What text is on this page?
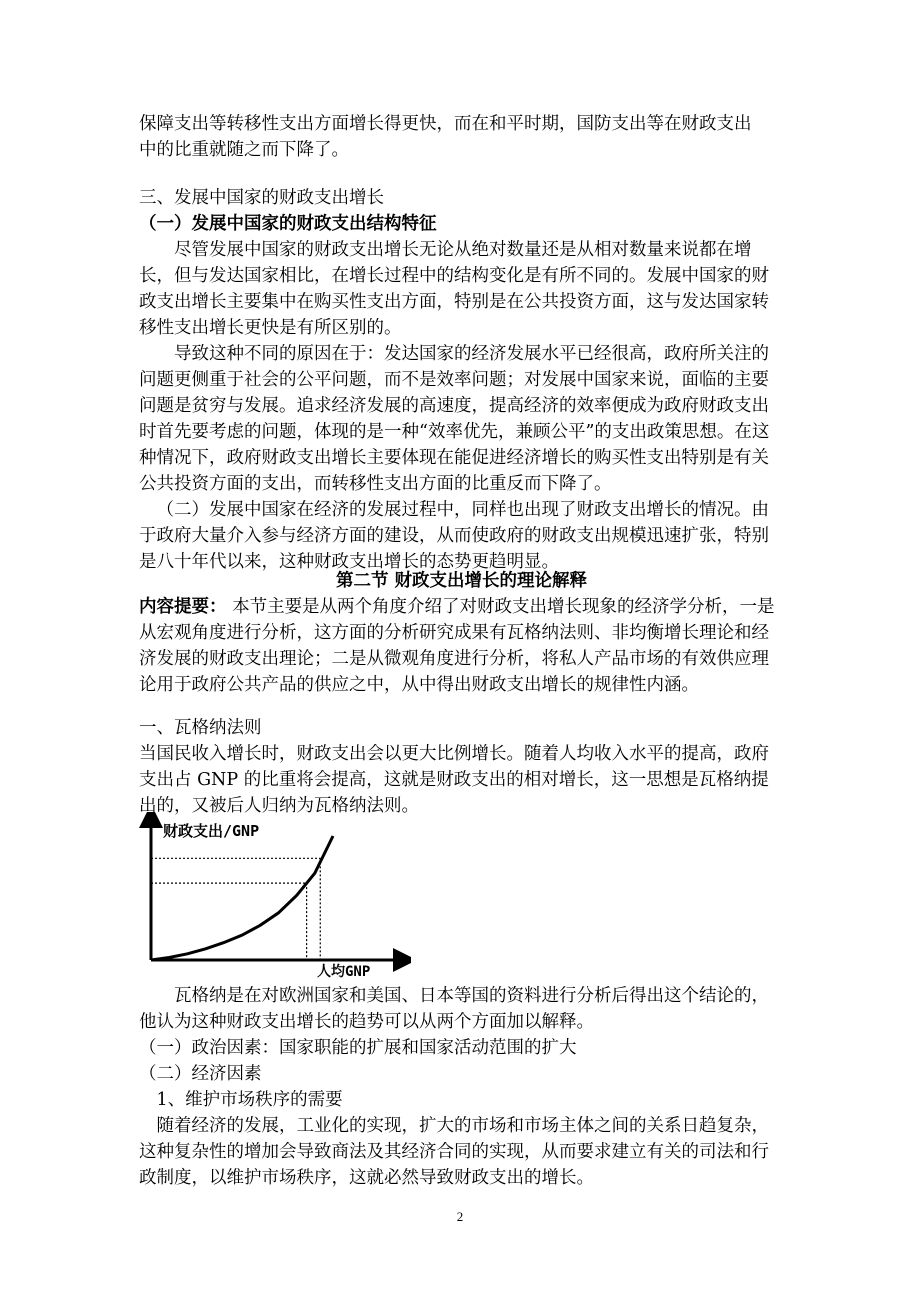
保障支出等转移性支出方面增长得更快，而在和平时期，国防支出等在财政支出

中的比重就随之而下降了。

三、发展中国家的财政支出增长

（一）发展中国家的财政支出结构特征

尽管发展中国家的财政支出增长无论从绝对数量还是从相对数量来说都在增长，但与发达国家相比，在增长过程中的结构变化是有所不同的。发展中国家的财政支出增长主要集中在购买性支出方面，特别是在公共投资方面，这与发达国家转移性支出增长更快是有所区别的。

导致这种不同的原因在于：发达国家的经济发展水平已经很高，政府所关注的问题更侧重于社会的公平问题，而不是效率问题；对发展中国家来说，面临的主要问题是贫穷与发展。追求经济发展的高速度，提高经济的效率便成为政府财政支出时首先要考虑的问题，体现的是一种“效率优先，兼顾公平”的支出政策思想。在这种情况下，政府财政支出增长主要体现在能促进经济增长的购买性支出特别是有关公共投资方面的支出，而转移性支出方面的比重反而下降了。

（二）发展中国家在经济的发展过程中，同样也出现了财政支出增长的情况。由于政府大量介入参与经济方面的建设，从而使政府的财政支出规模迅速扩张，特别是八十年代以来，这种财政支出增长的态势更趋明显。

第二节 财政支出增长的理论解释

内容提要： 本节主要是从两个角度介绍了对财政支出增长现象的经济学分析，一是从宏观角度进行分析，这方面的分析研究成果有瓦格纳法则、非均衡增长理论和经济发展的财政支出理论；二是从微观角度进行分析，将私人产品市场的有效供应理论用于政府公共产品的供应之中，从中得出财政支出增长的规律性内涵。

一、瓦格纳法则

当国民收入增长时，财政支出会以更大比例增长。随着人均收入水平的提高，政府支出占 GNP 的比重将会提高，这就是财政支出的相对增长，这一思想是瓦格纳提出的，又被后人归纳为瓦格纳法则。

财政支出/GNP
人均GNP

瓦格纳是在对欧洲国家和美国、日本等国的资料进行分析后得出这个结论的，他认为这种财政支出增长的趋势可以从两个方面加以解释。

（一）政治因素：国家职能的扩展和国家活动范围的扩大

（二）经济因素

1、维护市场秩序的需要

随着经济的发展，工业化的实现，扩大的市场和市场主体之间的关系日趋复杂，这种复杂性的增加会导致商法及其经济合同的实现，从而要求建立有关的司法和行政制度，以维护市场秩序，这就必然导致财政支出的增长。

2
